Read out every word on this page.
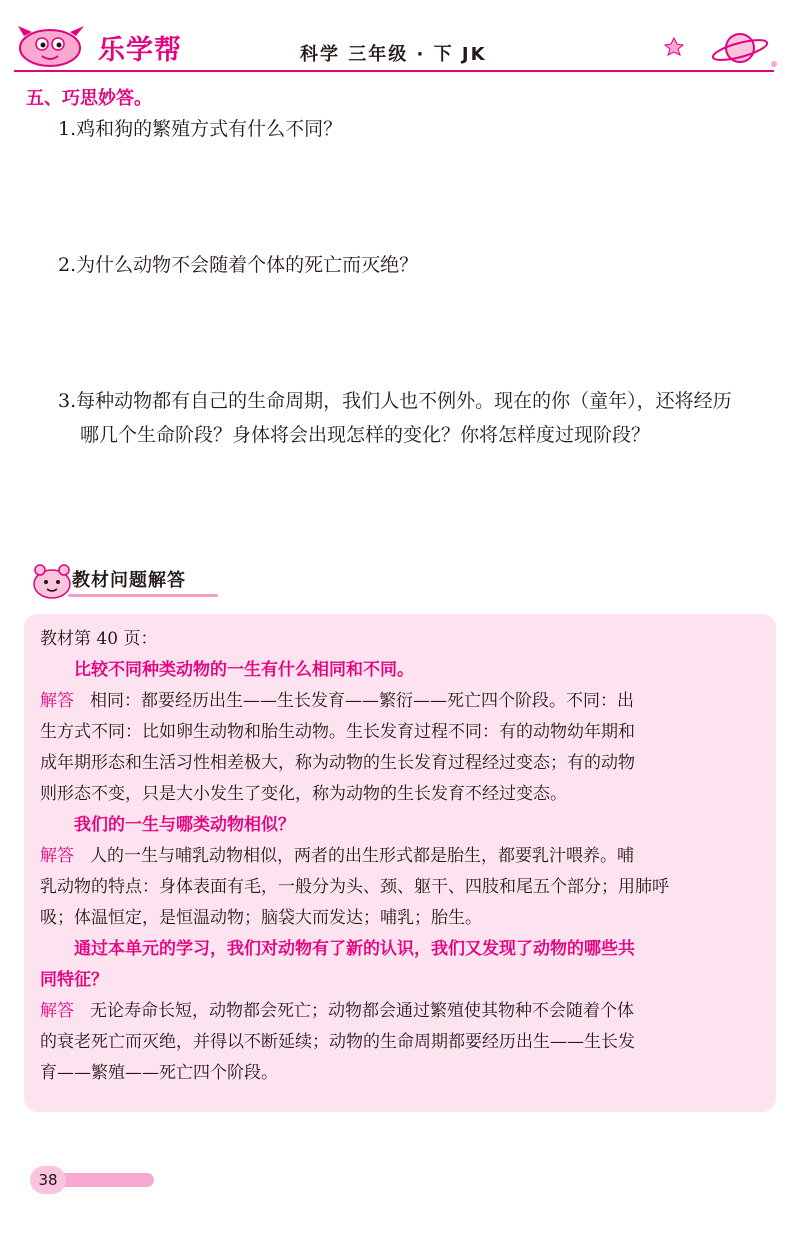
乐学帮	科学 三年级 · 下 JK
五、巧思妙答。
1.鸡和狗的繁殖方式有什么不同？
2.为什么动物不会随着个体的死亡而灭绝？
3.每种动物都有自己的生命周期，我们人也不例外。现在的你（童年），还将经历
哪几个生命阶段？身体将会出现怎样的变化？你将怎样度过现阶段？
教材问题解答
教材第 40 页：
比较不同种类动物的一生有什么相同和不同。
解答 相同：都要经历出生——生长发育——繁衍——死亡四个阶段。不同：出
生方式不同：比如卵生动物和胎生动物。生长发育过程不同：有的动物幼年期和
成年期形态和生活习性相差极大，称为动物的生长发育过程经过变态；有的动物
则形态不变，只是大小发生了变化，称为动物的生长发育不经过变态。
我们的一生与哪类动物相似？
解答 人的一生与哺乳动物相似，两者的出生形式都是胎生，都要乳汁喂养。哺
乳动物的特点：身体表面有毛，一般分为头、颈、躯干、四肢和尾五个部分；用肺呼
吸；体温恒定，是恒温动物；脑袋大而发达；哺乳；胎生。
通过本单元的学习，我们对动物有了新的认识，我们又发现了动物的哪些共
同特征？
解答 无论寿命长短，动物都会死亡；动物都会通过繁殖使其物种不会随着个体
的衰老死亡而灭绝，并得以不断延续；动物的生命周期都要经历出生——生长发
育——繁殖——死亡四个阶段。
38
